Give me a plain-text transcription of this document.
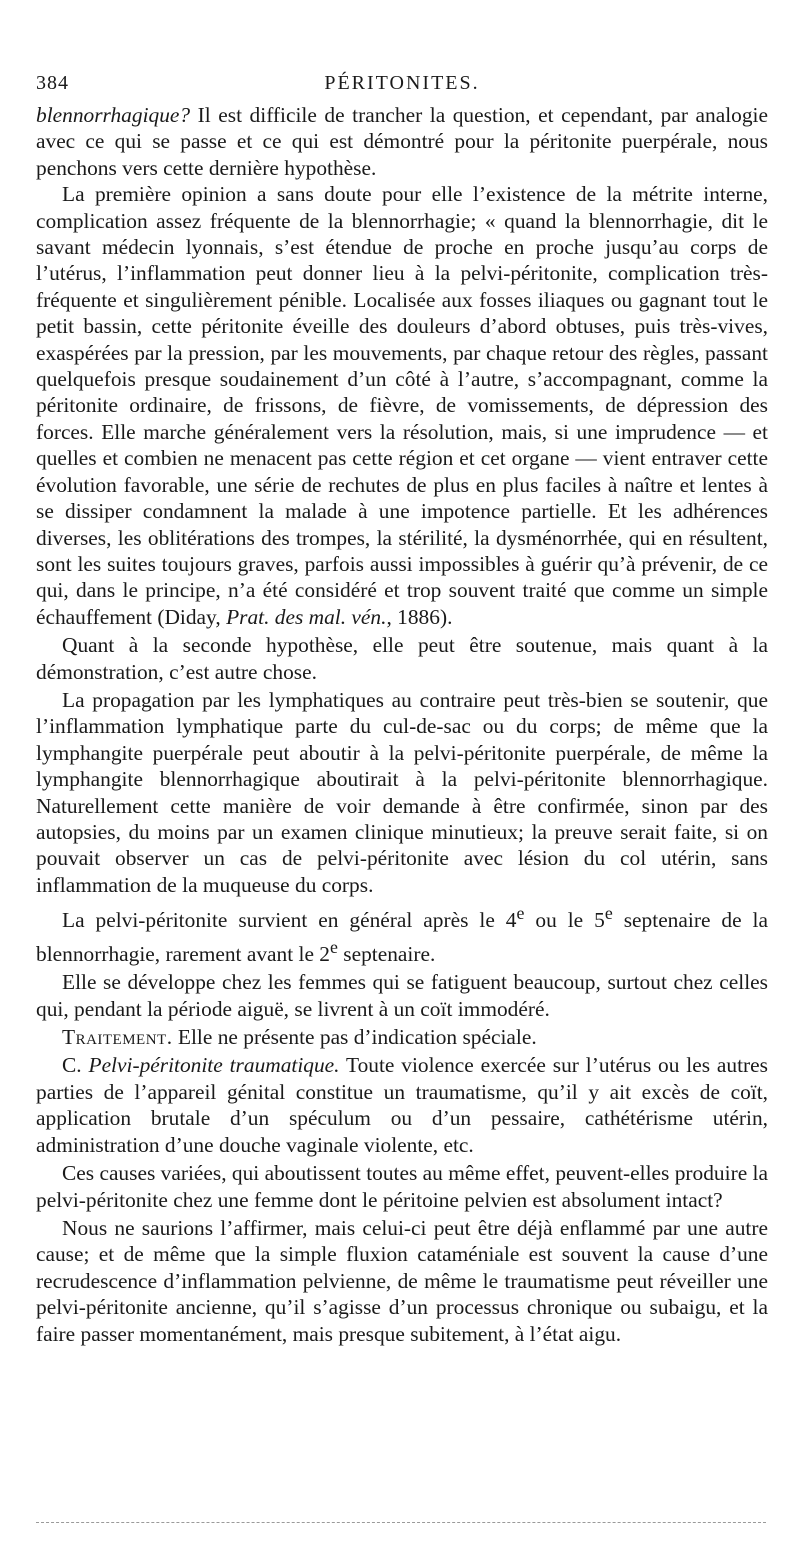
384	PÉRITONITES.

blennorrhagique? Il est difficile de trancher la question, et cependant, par analogie avec ce qui se passe et ce qui est démontré pour la péritonite puerpérale, nous penchons vers cette dernière hypothèse.

La première opinion a sans doute pour elle l’existence de la métrite interne, complication assez fréquente de la blennorrhagie; « quand la blennorrhagie, dit le savant médecin lyonnais, s’est étendue de proche en proche jusqu’au corps de l’utérus, l’inflammation peut donner lieu à la pelvi-péritonite, complication très-fréquente et singulièrement pénible. Localisée aux fosses iliaques ou gagnant tout le petit bassin, cette péritonite éveille des douleurs d’abord obtuses, puis très-vives, exaspérées par la pression, par les mouvements, par chaque retour des règles, passant quelquefois presque soudainement d’un côté à l’autre, s’accompagnant, comme la péritonite ordinaire, de frissons, de fièvre, de vomissements, de dépression des forces. Elle marche généralement vers la résolution, mais, si une imprudence — et quelles et combien ne menacent pas cette région et cet organe — vient entraver cette évolution favorable, une série de rechutes de plus en plus faciles à naître et lentes à se dissiper condamnent la malade à une impotence partielle. Et les adhérences diverses, les oblitérations des trompes, la stérilité, la dysménorrhée, qui en résultent, sont les suites toujours graves, parfois aussi impossibles à guérir qu’à prévenir, de ce qui, dans le principe, n’a été considéré et trop souvent traité que comme un simple échauffement (Diday, Prat. des mal. vén., 1886).

Quant à la seconde hypothèse, elle peut être soutenue, mais quant à la démonstration, c’est autre chose.

La propagation par les lymphatiques au contraire peut très-bien se soutenir, que l’inflammation lymphatique parte du cul-de-sac ou du corps; de même que la lymphangite puerpérale peut aboutir à la pelvi-péritonite puerpérale, de même la lymphangite blennorrhagique aboutirait à la pelvi-péritonite blennorrhagique. Naturellement cette manière de voir demande à être confirmée, sinon par des autopsies, du moins par un examen clinique minutieux; la preuve serait faite, si on pouvait observer un cas de pelvi-péritonite avec lésion du col utérin, sans inflammation de la muqueuse du corps.

La pelvi-péritonite survient en général après le 4e ou le 5e septenaire de la blennorrhagie, rarement avant le 2e septenaire.

Elle se développe chez les femmes qui se fatiguent beaucoup, surtout chez celles qui, pendant la période aiguë, se livrent à un coït immodéré.

Traitement. Elle ne présente pas d’indication spéciale.

C. Pelvi-péritonite traumatique. Toute violence exercée sur l’utérus ou les autres parties de l’appareil génital constitue un traumatisme, qu’il y ait excès de coït, application brutale d’un spéculum ou d’un pessaire, cathétérisme utérin, administration d’une douche vaginale violente, etc.

Ces causes variées, qui aboutissent toutes au même effet, peuvent-elles produire la pelvi-péritonite chez une femme dont le péritoine pelvien est absolument intact?

Nous ne saurions l’affirmer, mais celui-ci peut être déjà enflammé par une autre cause; et de même que la simple fluxion cataméniale est souvent la cause d’une recrudescence d’inflammation pelvienne, de même le traumatisme peut réveiller une pelvi-péritonite ancienne, qu’il s’agisse d’un processus chronique ou subaigu, et la faire passer momentanément, mais presque subitement, à l’état aigu.
